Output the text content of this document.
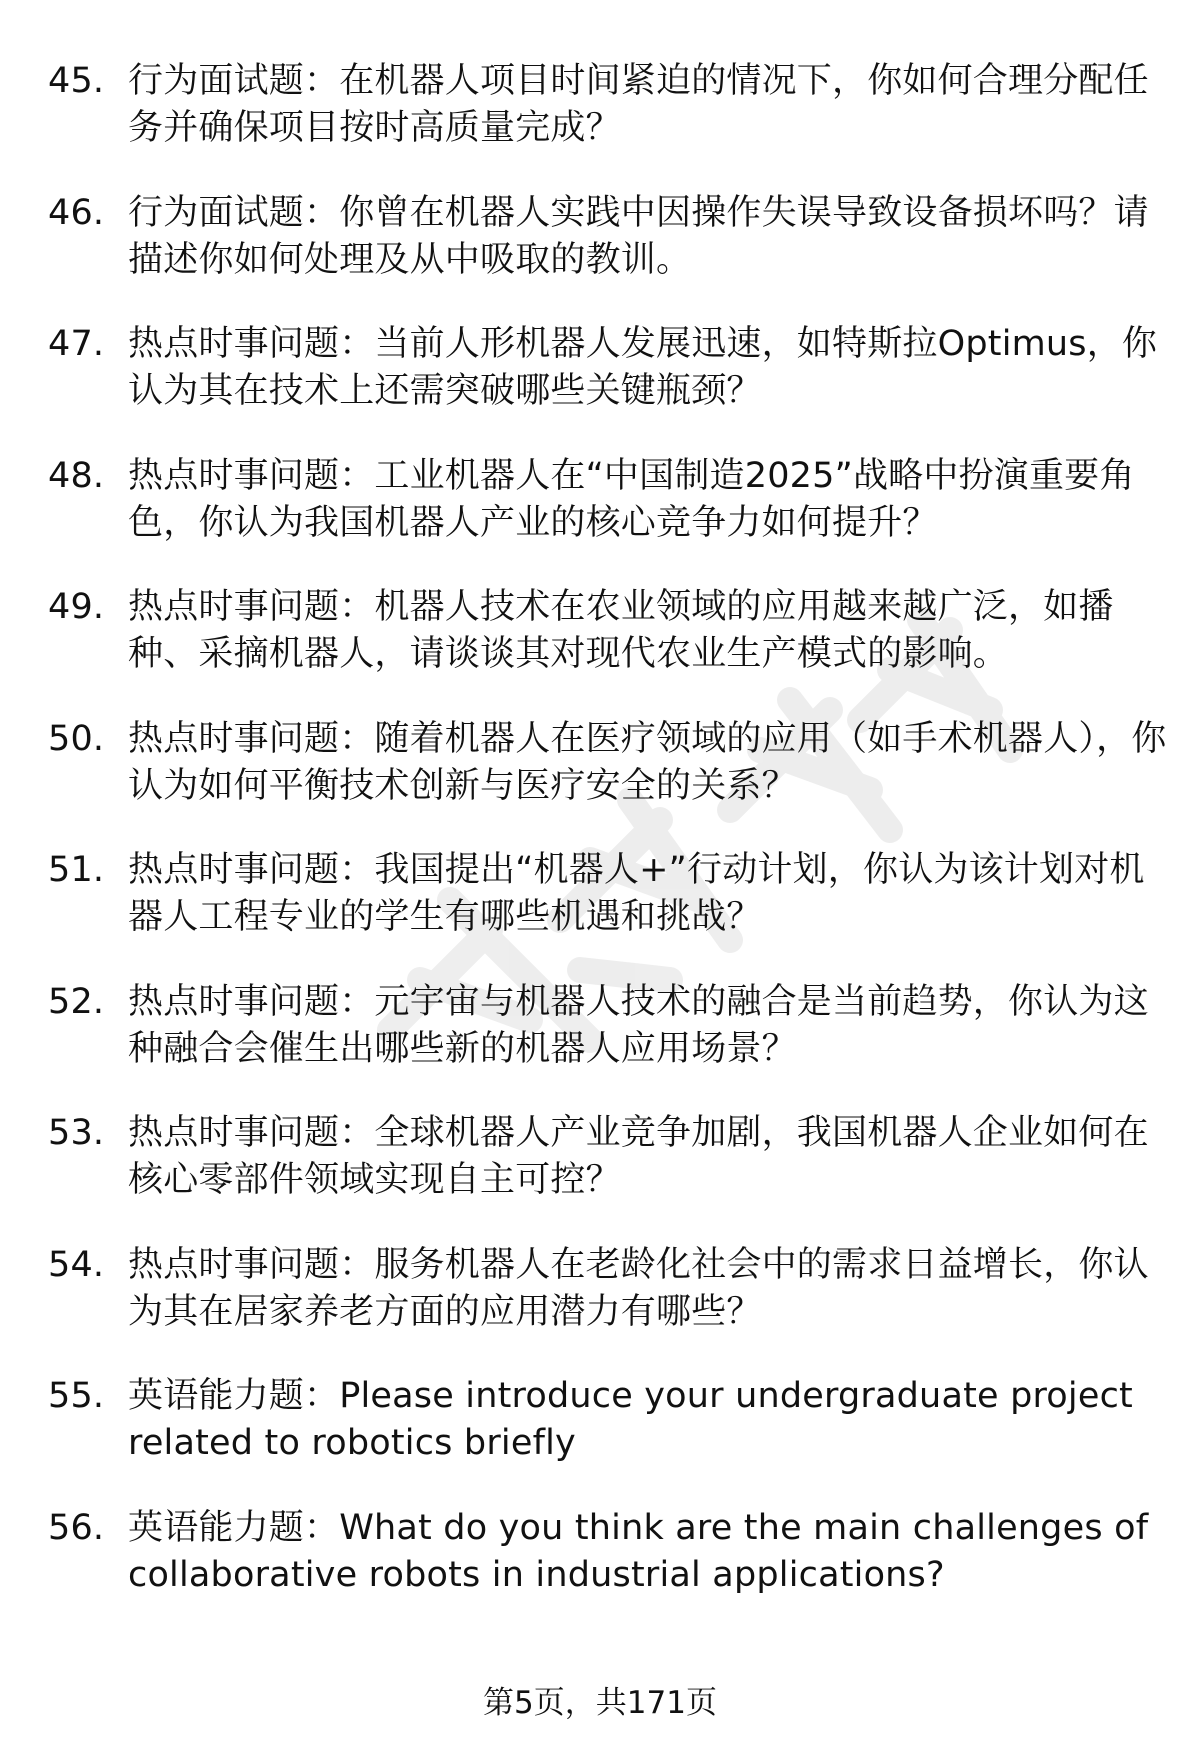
45. 行为面试题：在机器人项目时间紧迫的情况下，你如何合理分配任务并确保项目按时高质量完成？
46. 行为面试题：你曾在机器人实践中因操作失误导致设备损坏吗？请描述你如何处理及从中吸取的教训。
47. 热点时事问题：当前人形机器人发展迅速，如特斯拉Optimus，你认为其在技术上还需突破哪些关键瓶颈？
48. 热点时事问题：工业机器人在“中国制造2025”战略中扮演重要角色，你认为我国机器人产业的核心竞争力如何提升？
49. 热点时事问题：机器人技术在农业领域的应用越来越广泛，如播种、采摘机器人，请谈谈其对现代农业生产模式的影响。
50. 热点时事问题：随着机器人在医疗领域的应用（如手术机器人），你认为如何平衡技术创新与医疗安全的关系？
51. 热点时事问题：我国提出“机器人+”行动计划，你认为该计划对机器人工程专业的学生有哪些机遇和挑战？
52. 热点时事问题：元宇宙与机器人技术的融合是当前趋势，你认为这种融合会催生出哪些新的机器人应用场景？
53. 热点时事问题：全球机器人产业竞争加剧，我国机器人企业如何在核心零部件领域实现自主可控？
54. 热点时事问题：服务机器人在老龄化社会中的需求日益增长，你认为其在居家养老方面的应用潜力有哪些？
55. 英语能力题：Please introduce your undergraduate project related to robotics briefly
56. 英语能力题：What do you think are the main challenges of collaborative robots in industrial applications?
第5页，共171页
